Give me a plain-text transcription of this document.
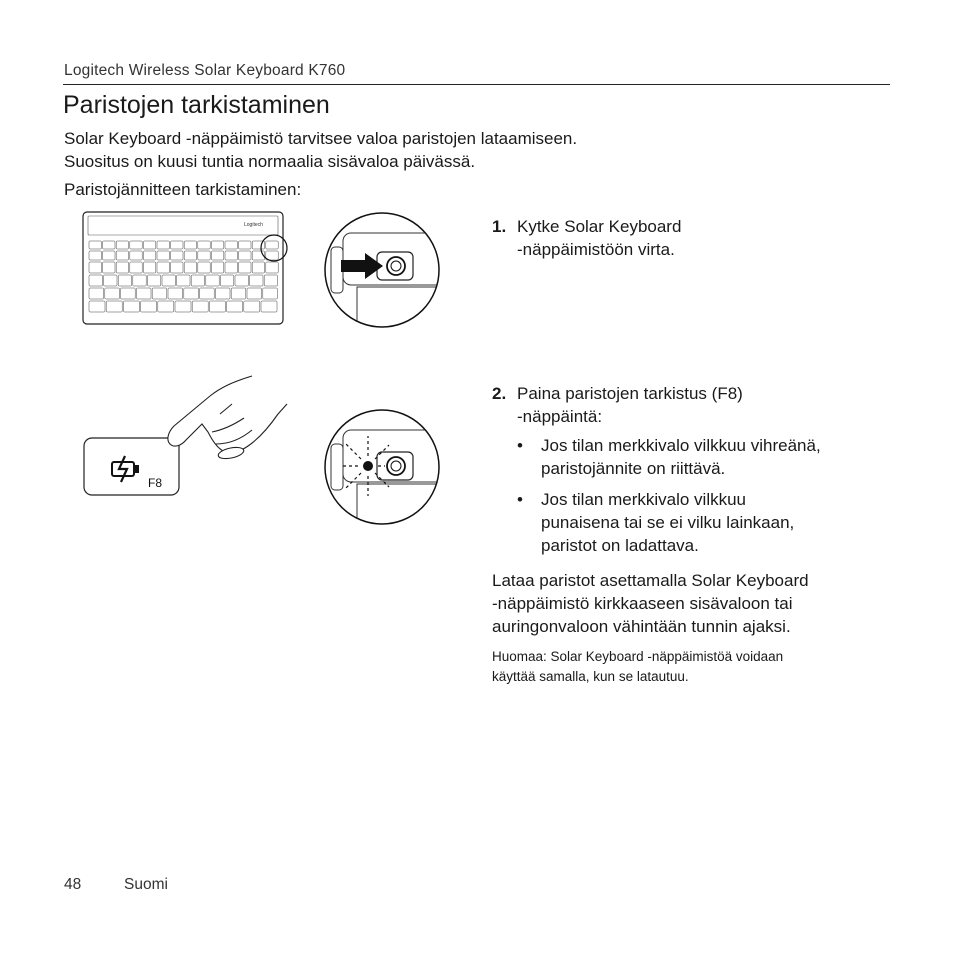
Logitech Wireless Solar Keyboard K760
Paristojen tarkistaminen
Solar Keyboard -näppäimistö tarvitsee valoa paristojen lataamiseen.
Suositus on kuusi tuntia normaalia sisävaloa päivässä.
Paristojännitteen tarkistaminen:
Logitech
F8
1. Kytke Solar Keyboard
-näppäimistöön virta.
2. Paina paristojen tarkistus (F8)
-näppäintä:
• Jos tilan merkkivalo vilkkuu vihreänä,
paristojännite on riittävä.
• Jos tilan merkkivalo vilkkuu
punaisena tai se ei vilku lainkaan,
paristot on ladattava.
Lataa paristot asettamalla Solar Keyboard
-näppäimistö kirkkaaseen sisävaloon tai
auringonvaloon vähintään tunnin ajaksi.
Huomaa: Solar Keyboard -näppäimistöä voidaan
käyttää samalla, kun se latautuu.
48	Suomi
